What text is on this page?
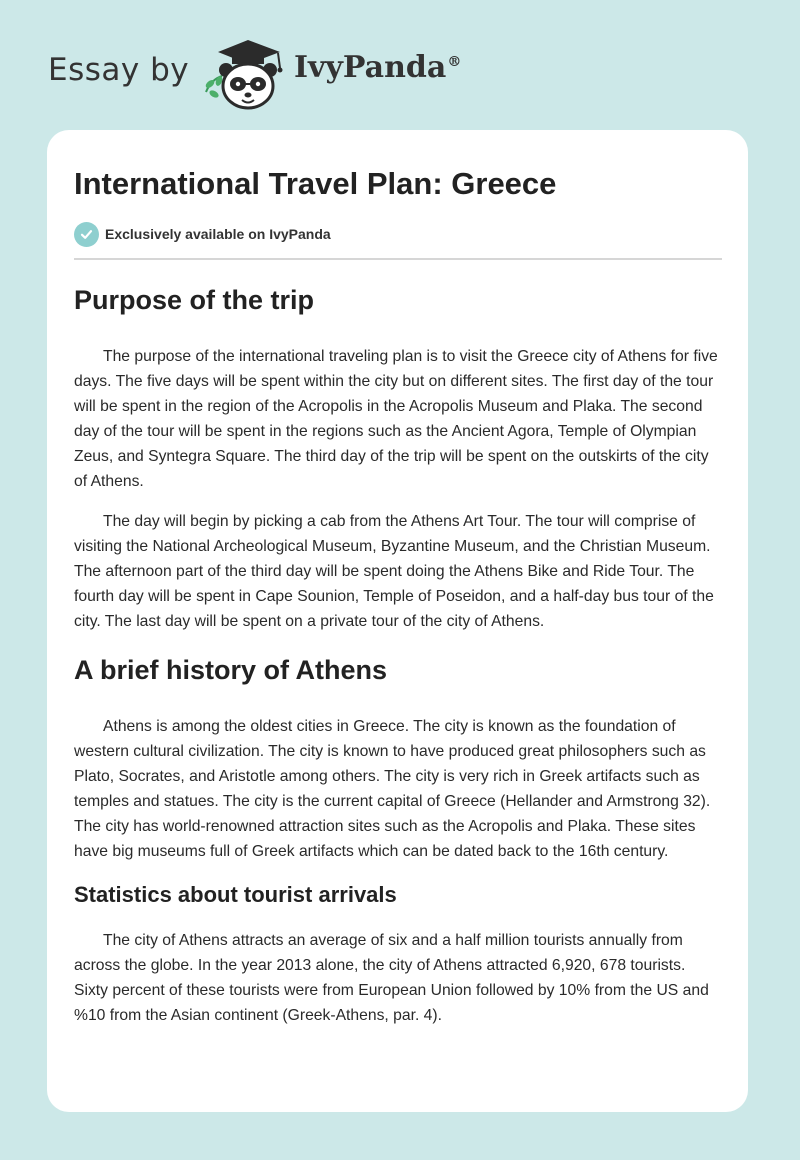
Essay by	IvyPanda®
International Travel Plan: Greece
Exclusively available on IvyPanda
Purpose of the trip

The purpose of the international traveling plan is to visit the Greece city of Athens for five days. The five days will be spent within the city but on different sites. The first day of the tour will be spent in the region of the Acropolis in the Acropolis Museum and Plaka. The second day of the tour will be spent in the regions such as the Ancient Agora, Temple of Olympian Zeus, and Syntegra Square. The third day of the trip will be spent on the outskirts of the city of Athens.

The day will begin by picking a cab from the Athens Art Tour. The tour will comprise of visiting the National Archeological Museum, Byzantine Museum, and the Christian Museum. The afternoon part of the third day will be spent doing the Athens Bike and Ride Tour. The fourth day will be spent in Cape Sounion, Temple of Poseidon, and a half-day bus tour of the city. The last day will be spent on a private tour of the city of Athens.

A brief history of Athens

Athens is among the oldest cities in Greece. The city is known as the foundation of western cultural civilization. The city is known to have produced great philosophers such as Plato, Socrates, and Aristotle among others. The city is very rich in Greek artifacts such as temples and statues. The city is the current capital of Greece (Hellander and Armstrong 32). The city has world-renowned attraction sites such as the Acropolis and Plaka. These sites have big museums full of Greek artifacts which can be dated back to the 16th century.

Statistics about tourist arrivals

The city of Athens attracts an average of six and a half million tourists annually from across the globe. In the year 2013 alone, the city of Athens attracted 6,920, 678 tourists. Sixty percent of these tourists were from European Union followed by 10% from the US and %10 from the Asian continent (Greek-Athens, par. 4).
